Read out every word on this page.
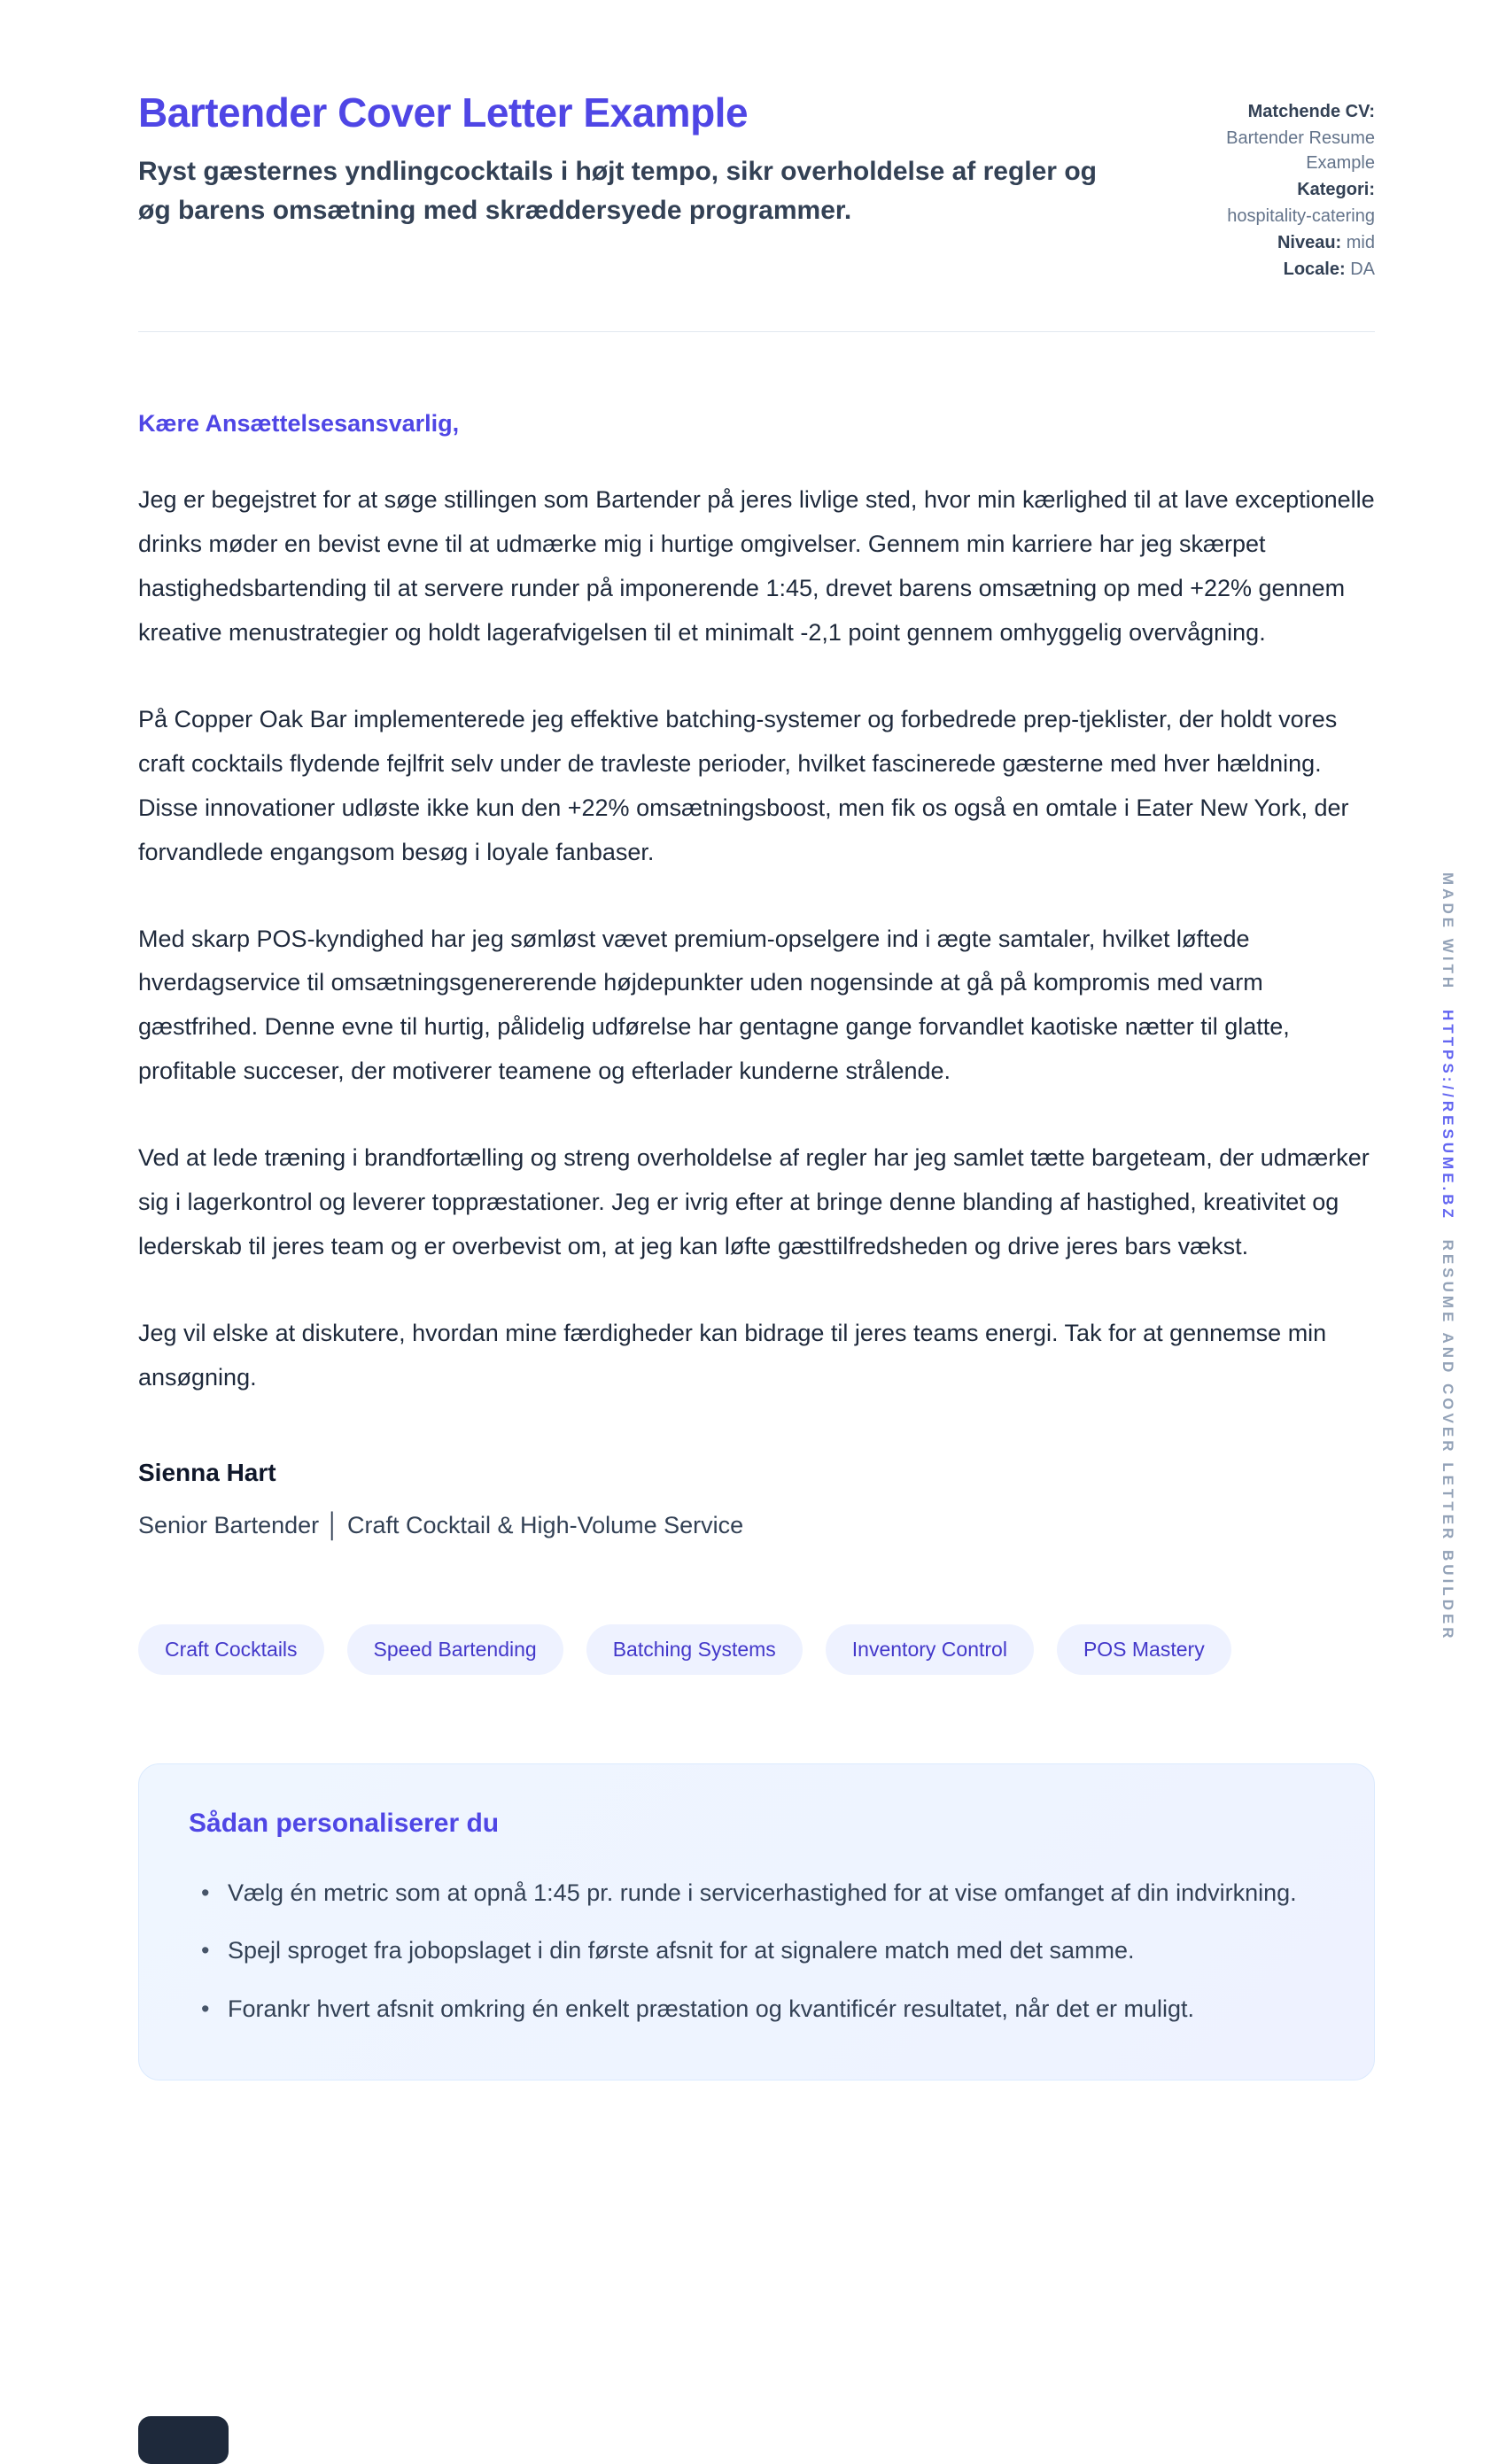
Bartender Cover Letter Example

Ryst gæsternes yndlingcocktails i højt tempo, sikr overholdelse af regler og øg barens omsætning med skræddersyede programmer.

Matchende CV:
Bartender Resume Example
Kategori:
hospitality-catering
Niveau: mid
Locale: DA

Kære Ansættelsesansvarlig,

Jeg er begejstret for at søge stillingen som Bartender på jeres livlige sted, hvor min kærlighed til at lave exceptionelle drinks møder en bevist evne til at udmærke mig i hurtige omgivelser. Gennem min karriere har jeg skærpet hastighedsbartending til at servere runder på imponerende 1:45, drevet barens omsætning op med +22% gennem kreative menustrategier og holdt lagerafvigelsen til et minimalt -2,1 point gennem omhyggelig overvågning.

På Copper Oak Bar implementerede jeg effektive batching-systemer og forbedrede prep-tjeklister, der holdt vores craft cocktails flydende fejlfrit selv under de travleste perioder, hvilket fascinerede gæsterne med hver hældning. Disse innovationer udløste ikke kun den +22% omsætningsboost, men fik os også en omtale i Eater New York, der forvandlede engangsom besøg i loyale fanbaser.

Med skarp POS-kyndighed har jeg sømløst vævet premium-opselgere ind i ægte samtaler, hvilket løftede hverdagservice til omsætningsgenererende højdepunkter uden nogensinde at gå på kompromis med varm gæstfrihed. Denne evne til hurtig, pålidelig udførelse har gentagne gange forvandlet kaotiske nætter til glatte, profitable succeser, der motiverer teamene og efterlader kunderne strålende.

Ved at lede træning i brandfortælling og streng overholdelse af regler har jeg samlet tætte bargeteam, der udmærker sig i lagerkontrol og leverer toppræstationer. Jeg er ivrig efter at bringe denne blanding af hastighed, kreativitet og lederskab til jeres team og er overbevist om, at jeg kan løfte gæsttilfredsheden og drive jeres bars vækst.

Jeg vil elske at diskutere, hvordan mine færdigheder kan bidrage til jeres teams energi. Tak for at gennemse min ansøgning.

Sienna Hart

Senior Bartender │ Craft Cocktail & High-Volume Service

Craft Cocktails	Speed Bartending	Batching Systems	Inventory Control	POS Mastery
Sådan personaliserer du
• Vælg én metric som at opnå 1:45 pr. runde i servicerhastighed for at vise omfanget af din indvirkning.
• Spejl sproget fra jobopslaget i din første afsnit for at signalere match med det samme.
• Forankr hvert afsnit omkring én enkelt præstation og kvantificér resultatet, når det er muligt.
MADE WITH HTTPS://RESUME.BZ RESUME AND COVER LETTER BUILDER
